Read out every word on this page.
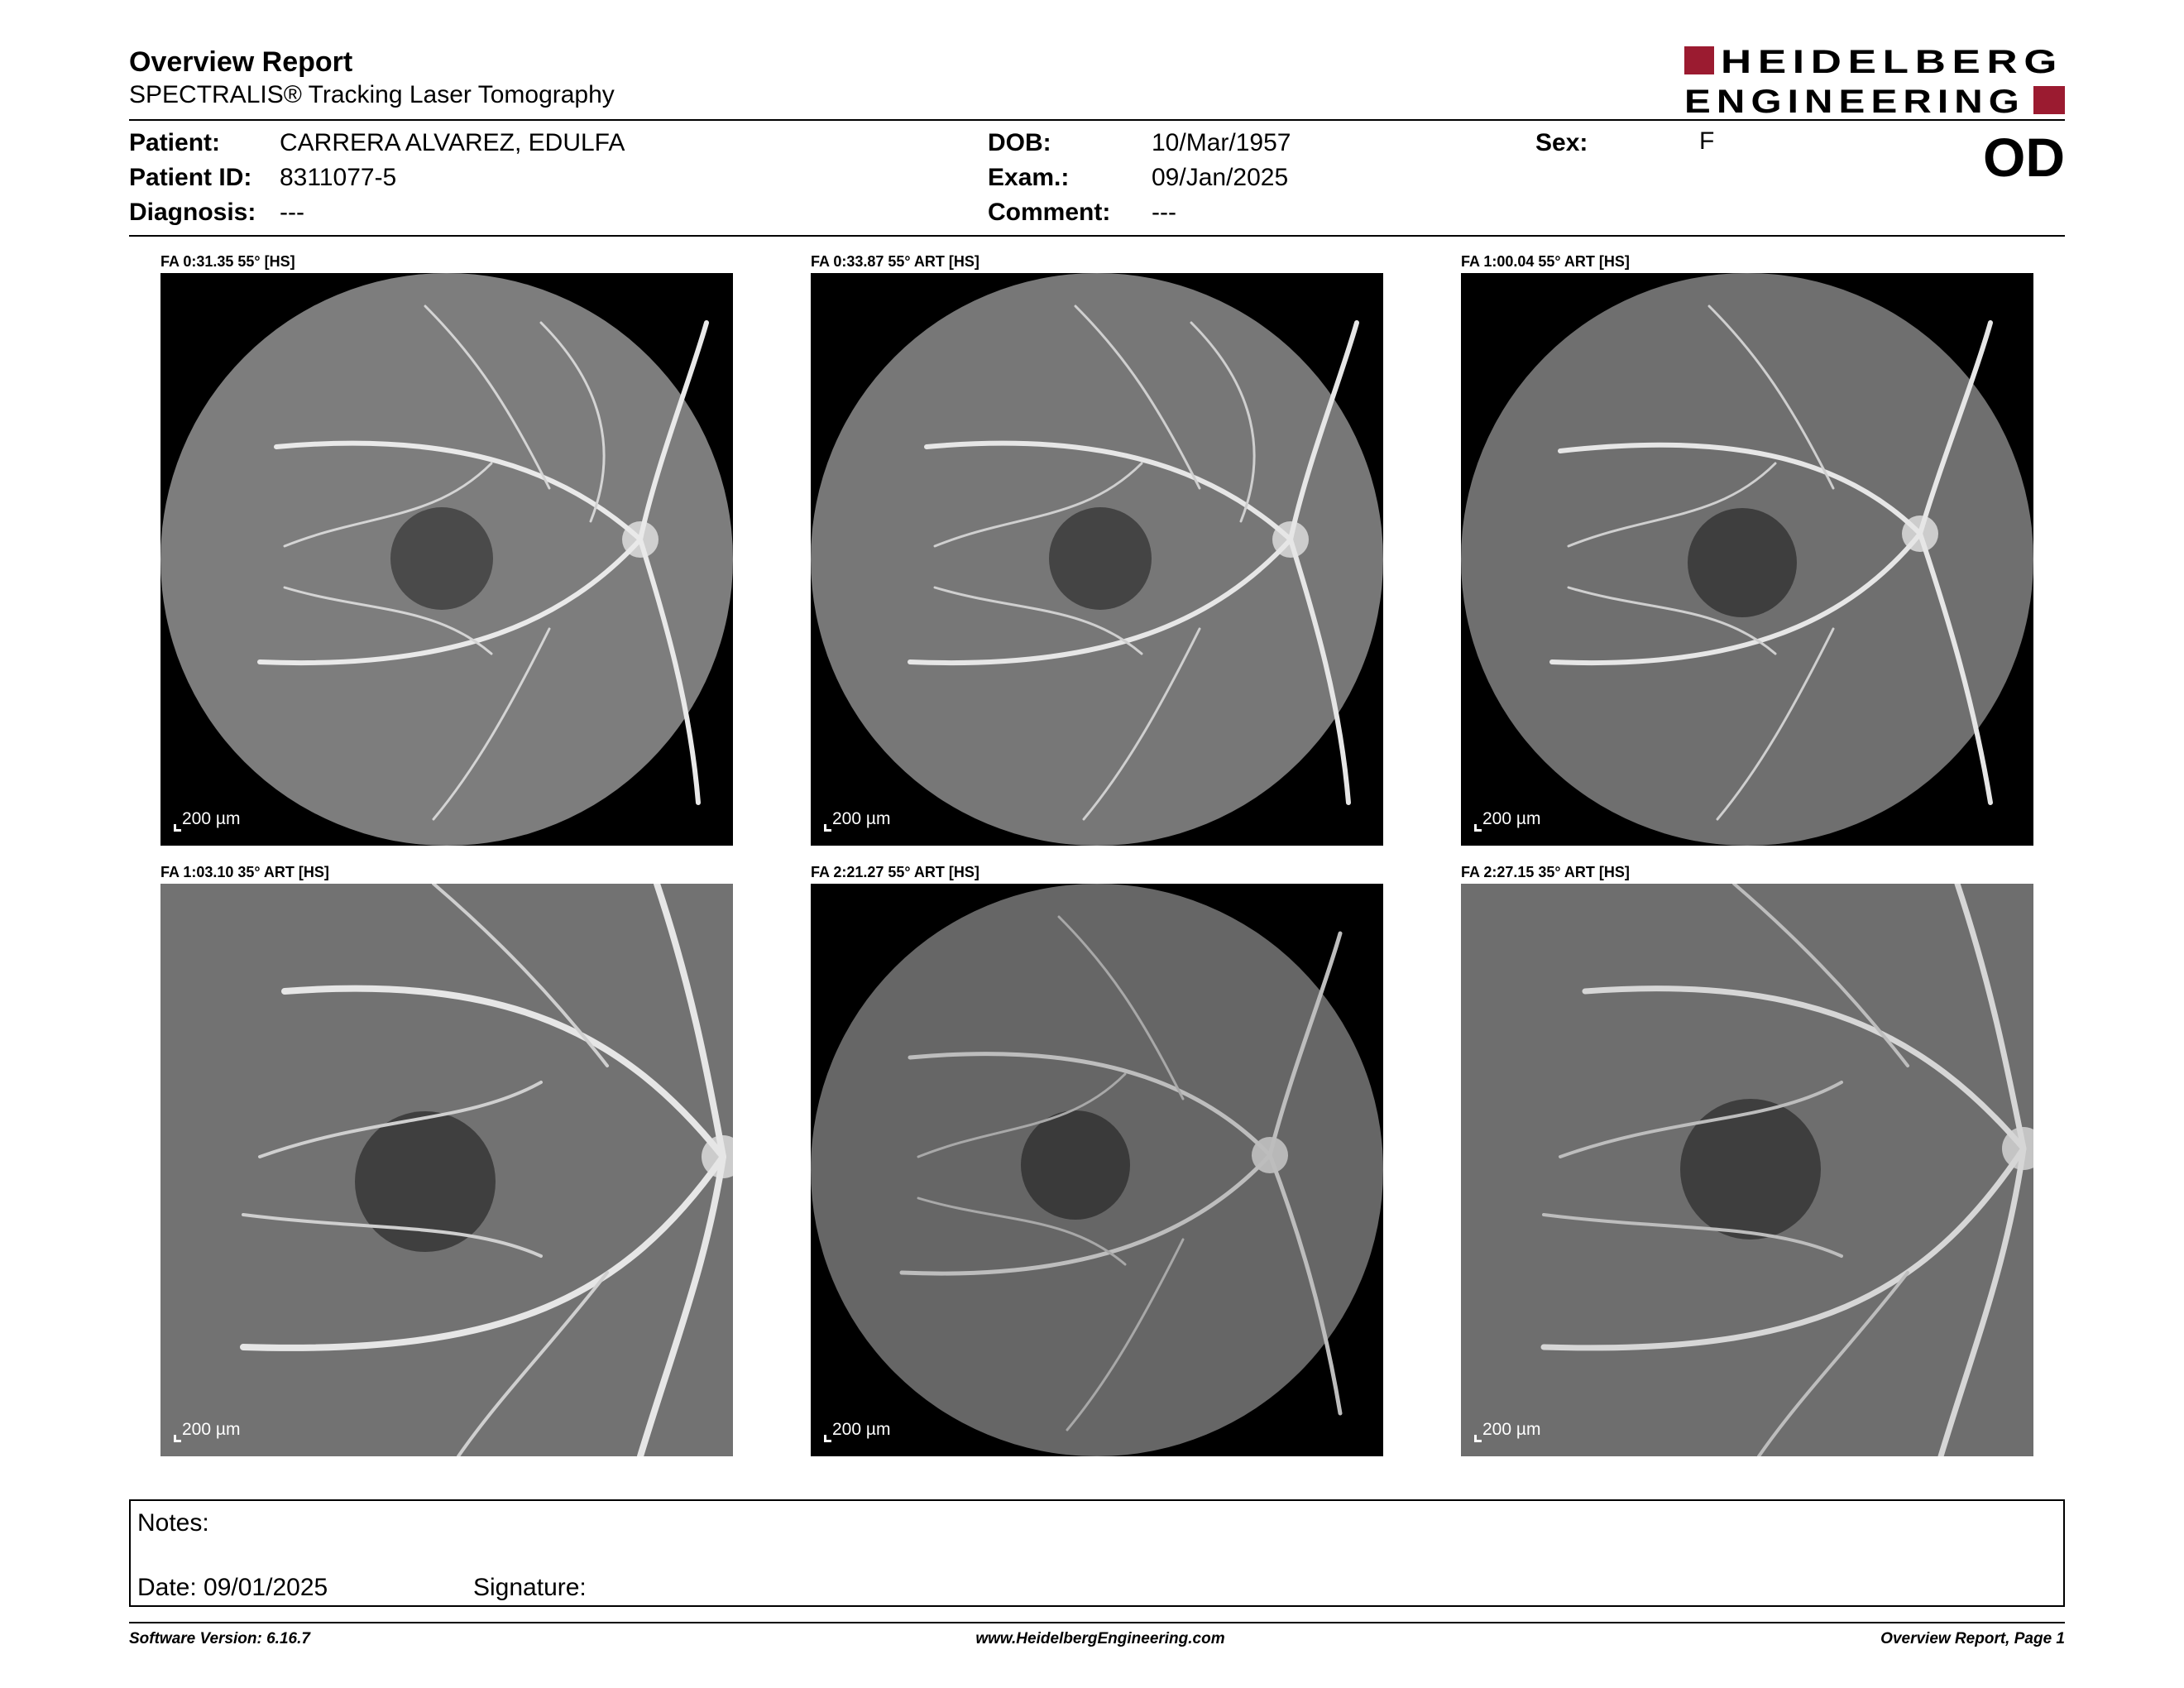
Overview Report
SPECTRALIS® Tracking Laser Tomography
HEIDELBERG
ENGINEERING
Patient: CARRERA ALVAREZ, EDULFA
Patient ID: 8311077-5
Diagnosis: ---
DOB:	10/Mar/1957
Exam.:	09/Jan/2025
Comment: ---
Sex:	F	OD
FA 0:31.35 55° [HS]
200 µm
FA 0:33.87 55° ART [HS]
200 µm
FA 1:00.04 55° ART [HS]
200 µm
FA 1:03.10 35° ART [HS]
200 µm
FA 2:21.27 55° ART [HS]
200 µm
FA 2:27.15 35° ART [HS]
200 µm
Notes:
Date: 09/01/2025	Signature:
Software Version: 6.16.7	www.HeidelbergEngineering.com	Overview Report, Page 1
